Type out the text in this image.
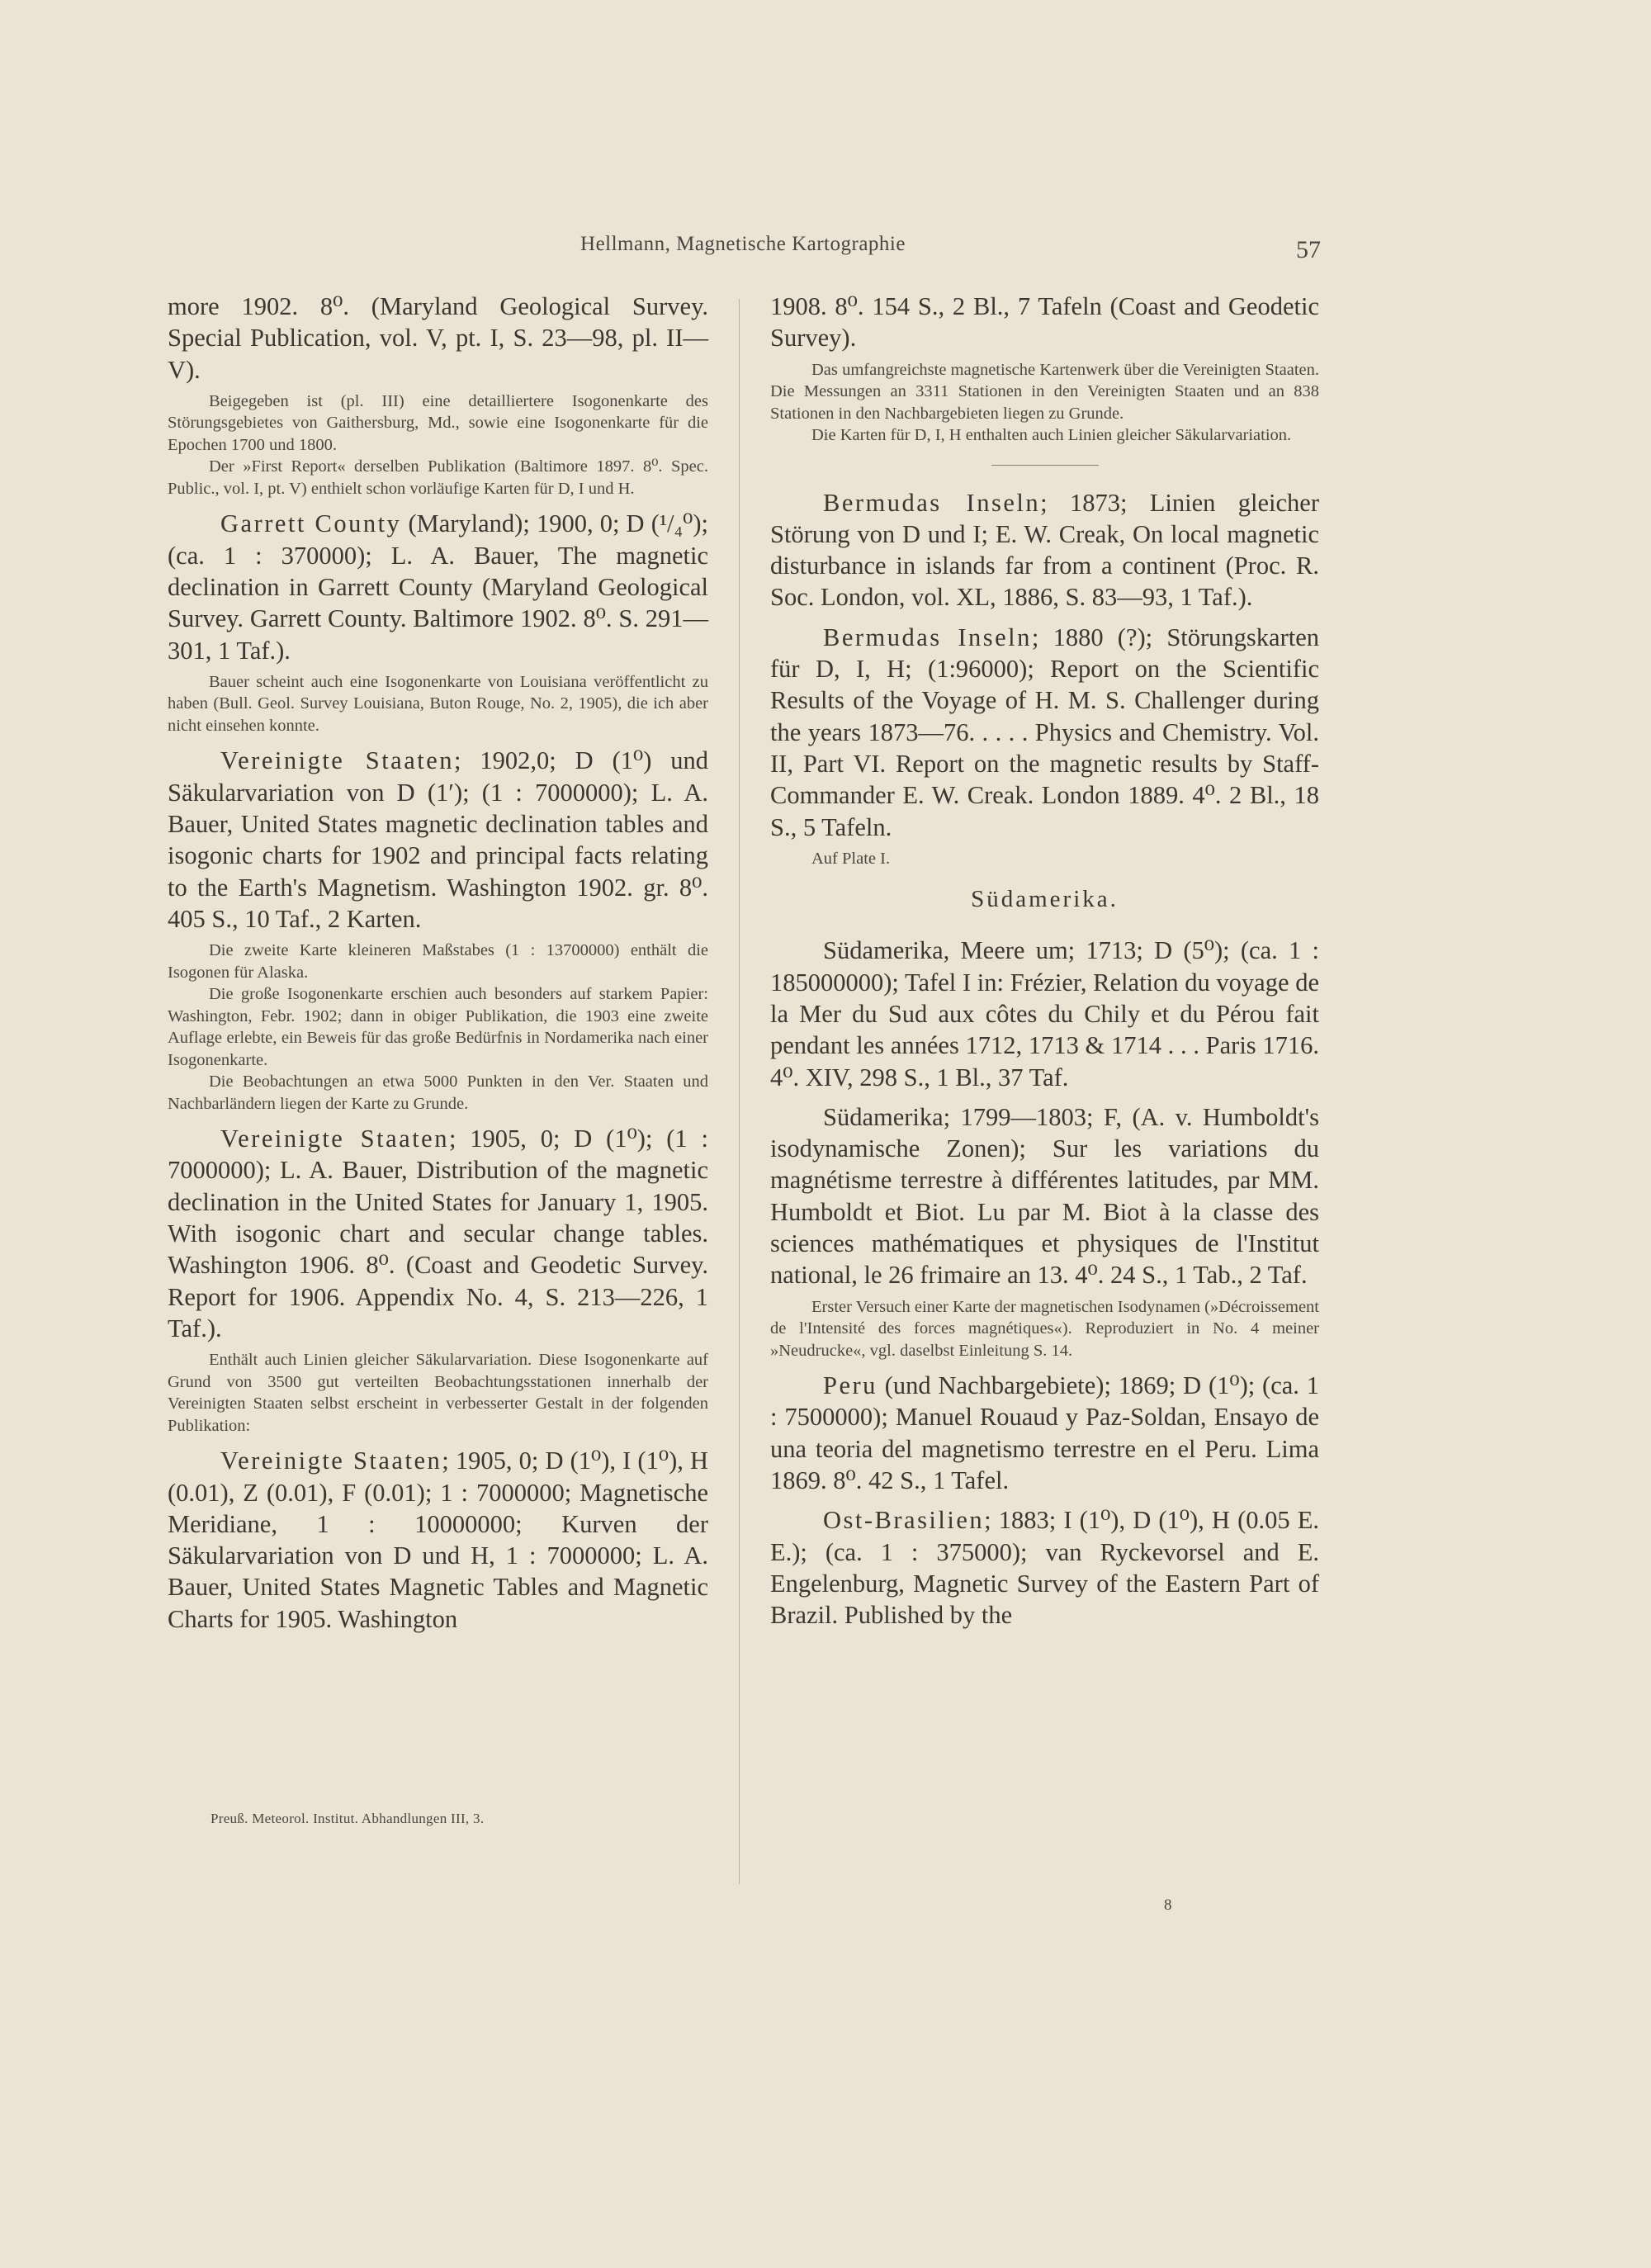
Hellmann, Magnetische Kartographie	57

more 1902. 8⁰. (Maryland Geological Survey. Special Publication, vol. V, pt. I, S. 23—98, pl. II—V).

Beigegeben ist (pl. III) eine detailliertere Isogonenkarte des Störungsgebietes von Gaithersburg, Md., sowie eine Isogonenkarte für die Epochen 1700 und 1800.

Der »First Report« derselben Publikation (Baltimore 1897. 8⁰. Spec. Public., vol. I, pt. V) enthielt schon vorläufige Karten für D, I und H.

Garrett County (Maryland); 1900, 0; D (¹/₄⁰); (ca. 1 : 370000); L. A. Bauer, The magnetic declination in Garrett County (Maryland Geological Survey. Garrett County. Baltimore 1902. 8⁰. S. 291—301, 1 Taf.).

Bauer scheint auch eine Isogonenkarte von Louisiana veröffentlicht zu haben (Bull. Geol. Survey Louisiana, Buton Rouge, No. 2, 1905), die ich aber nicht einsehen konnte.

Vereinigte Staaten; 1902,0; D (1⁰) und Säkularvariation von D (1′); (1 : 7000000); L. A. Bauer, United States magnetic declination tables and isogonic charts for 1902 and principal facts relating to the Earth's Magnetism. Washington 1902. gr. 8⁰. 405 S., 10 Taf., 2 Karten.

Die zweite Karte kleineren Maßstabes (1 : 13700000) enthält die Isogonen für Alaska.

Die große Isogonenkarte erschien auch besonders auf starkem Papier: Washington, Febr. 1902; dann in obiger Publikation, die 1903 eine zweite Auflage erlebte, ein Beweis für das große Bedürfnis in Nordamerika nach einer Isogonenkarte.

Die Beobachtungen an etwa 5000 Punkten in den Ver. Staaten und Nachbarländern liegen der Karte zu Grunde.

Vereinigte Staaten; 1905, 0; D (1⁰); (1 : 7000000); L. A. Bauer, Distribution of the magnetic declination in the United States for January 1, 1905. With isogonic chart and secular change tables. Washington 1906. 8⁰. (Coast and Geodetic Survey. Report for 1906. Appendix No. 4, S. 213—226, 1 Taf.).

Enthält auch Linien gleicher Säkularvariation. Diese Isogonenkarte auf Grund von 3500 gut verteilten Beobachtungsstationen innerhalb der Vereinigten Staaten selbst erscheint in verbesserter Gestalt in der folgenden Publikation:

Vereinigte Staaten; 1905, 0; D (1⁰), I (1⁰), H (0.01), Z (0.01), F (0.01); 1 : 7000000; Magnetische Meridiane, 1 : 10000000; Kurven der Säkularvariation von D und H, 1 : 7000000; L. A. Bauer, United States Magnetic Tables and Magnetic Charts for 1905. Washington

1908. 8⁰. 154 S., 2 Bl., 7 Tafeln (Coast and Geodetic Survey).

Das umfangreichste magnetische Kartenwerk über die Vereinigten Staaten. Die Messungen an 3311 Stationen in den Vereinigten Staaten und an 838 Stationen in den Nachbargebieten liegen zu Grunde.

Die Karten für D, I, H enthalten auch Linien gleicher Säkularvariation.

Bermudas Inseln; 1873; Linien gleicher Störung von D und I; E. W. Creak, On local magnetic disturbance in islands far from a continent (Proc. R. Soc. London, vol. XL, 1886, S. 83—93, 1 Taf.).

Bermudas Inseln; 1880 (?); Störungskarten für D, I, H; (1:96000); Report on the Scientific Results of the Voyage of H. M. S. Challenger during the years 1873—76. . . . . Physics and Chemistry. Vol. II, Part VI. Report on the magnetic results by Staff-Commander E. W. Creak. London 1889. 4⁰. 2 Bl., 18 S., 5 Tafeln.

Auf Plate I.

Südamerika.

Südamerika, Meere um; 1713; D (5⁰); (ca. 1 : 185000000); Tafel I in: Frézier, Relation du voyage de la Mer du Sud aux côtes du Chily et du Pérou fait pendant les années 1712, 1713 & 1714 . . . Paris 1716. 4⁰. XIV, 298 S., 1 Bl., 37 Taf.

Südamerika; 1799—1803; F, (A. v. Humboldt's isodynamische Zonen); Sur les variations du magnétisme terrestre à différentes latitudes, par MM. Humboldt et Biot. Lu par M. Biot à la classe des sciences mathématiques et physiques de l'Institut national, le 26 frimaire an 13. 4⁰. 24 S., 1 Tab., 2 Taf.

Erster Versuch einer Karte der magnetischen Isodynamen (»Décroissement de l'Intensité des forces magnétiques«). Reproduziert in No. 4 meiner »Neudrucke«, vgl. daselbst Einleitung S. 14.

Peru (und Nachbargebiete); 1869; D (1⁰); (ca. 1 : 7500000); Manuel Rouaud y Paz-Soldan, Ensayo de una teoria del magnetismo terrestre en el Peru. Lima 1869. 8⁰. 42 S., 1 Tafel.

Ost-Brasilien; 1883; I (1⁰), D (1⁰), H (0.05 E. E.); (ca. 1 : 375000); van Ryckevorsel and E. Engelenburg, Magnetic Survey of the Eastern Part of Brazil. Published by the

Preuß. Meteorol. Institut. Abhandlungen III, 3.
8
